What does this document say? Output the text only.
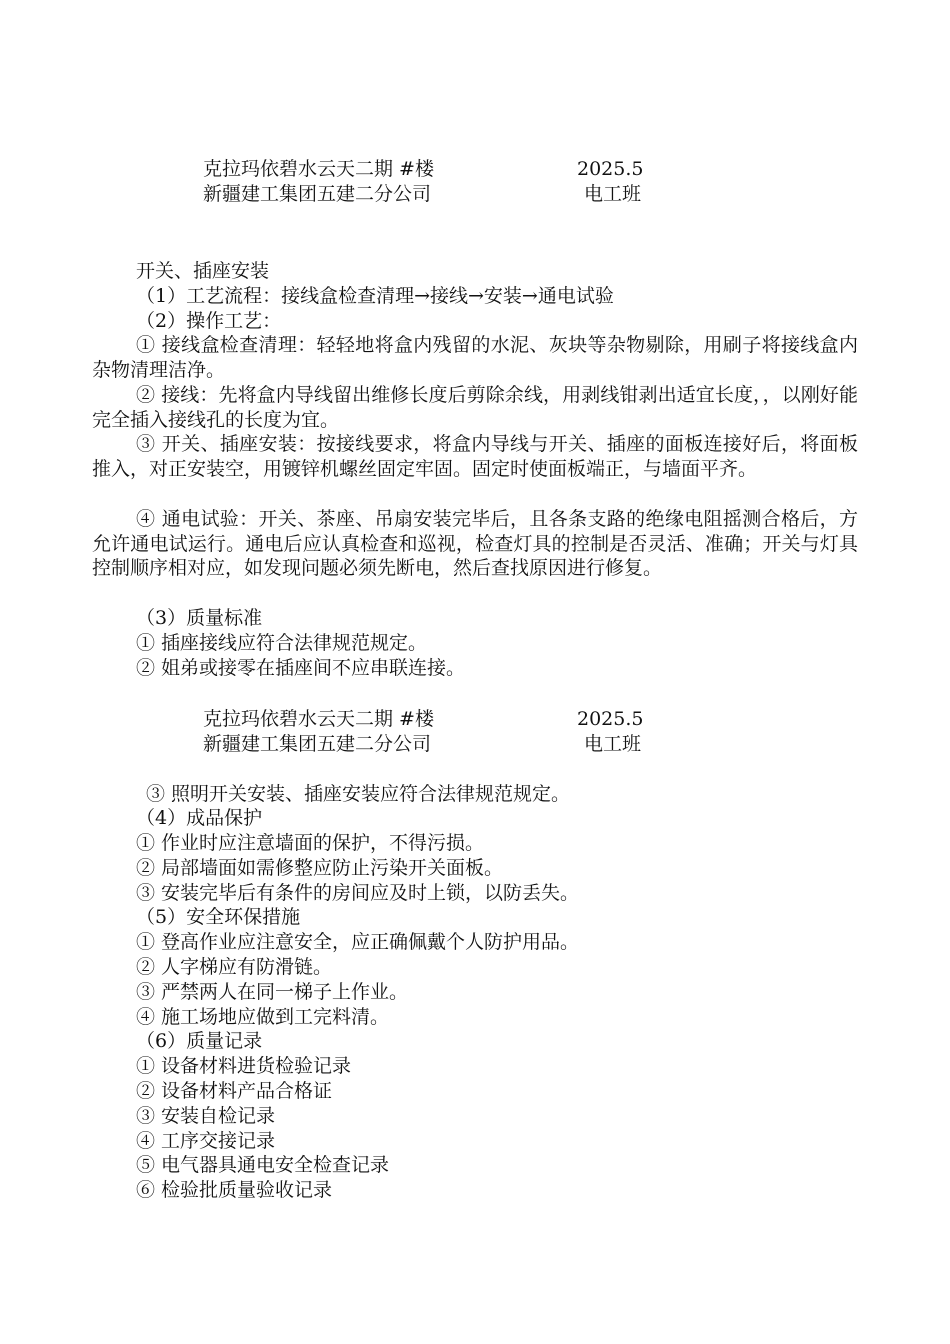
克拉玛依碧水云天二期 #楼	2025.5
新疆建工集团五建二分公司	电工班
开关、插座安装
（1）工艺流程：接线盒检查清理→接线→安装→通电试验
（2）操作工艺：
① 接线盒检查清理：轻轻地将盒内残留的水泥、灰块等杂物剔除，用刷子将接线盒内杂物清理洁净。
② 接线：先将盒内导线留出维修长度后剪除余线，用剥线钳剥出适宜长度，，以刚好能完全插入接线孔的长度为宜。
③ 开关、插座安装：按接线要求，将盒内导线与开关、插座的面板连接好后，将面板推入，对正安装空，用镀锌机螺丝固定牢固。固定时使面板端正，与墙面平齐。
④ 通电试验：开关、茶座、吊扇安装完毕后，且各条支路的绝缘电阻摇测合格后，方允许通电试运行。通电后应认真检查和巡视，检查灯具的控制是否灵活、准确；开关与灯具控制顺序相对应，如发现问题必须先断电，然后查找原因进行修复。
（3）质量标准
① 插座接线应符合法律规范规定。
② 姐弟或接零在插座间不应串联连接。
克拉玛依碧水云天二期 #楼	2025.5
新疆建工集团五建二分公司	电工班
③ 照明开关安装、插座安装应符合法律规范规定。
（4）成品保护
① 作业时应注意墙面的保护，不得污损。
② 局部墙面如需修整应防止污染开关面板。
③ 安装完毕后有条件的房间应及时上锁，以防丢失。
（5）安全环保措施
① 登高作业应注意安全，应正确佩戴个人防护用品。
② 人字梯应有防滑链。
③ 严禁两人在同一梯子上作业。
④ 施工场地应做到工完料清。
（6）质量记录
① 设备材料进货检验记录
② 设备材料产品合格证
③ 安装自检记录
④ 工序交接记录
⑤ 电气器具通电安全检查记录
⑥ 检验批质量验收记录
